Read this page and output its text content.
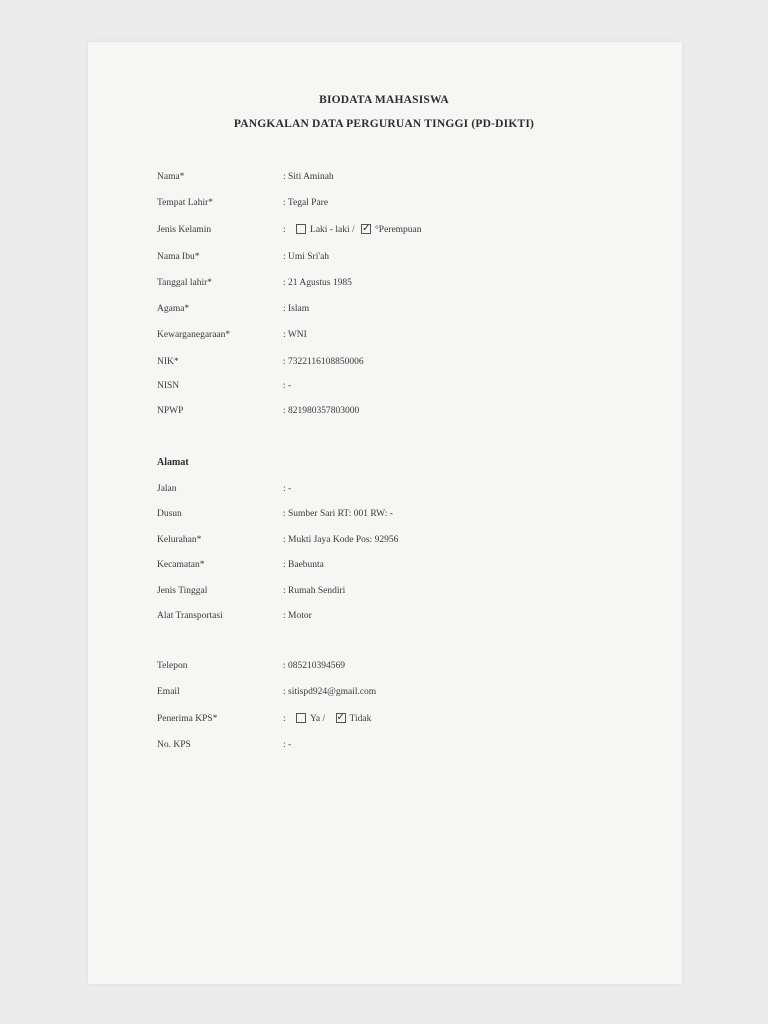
BIODATA MAHASISWA
PANGKALAN DATA PERGURUAN TINGGI (PD-DIKTI)
Nama*	: Siti Aminah
Tempat Lahir*	: Tegal Pare
Jenis Kelamin	:	Laki - laki / ✓ °Perempuan
Nama Ibu*	: Umi Sri'ah
Tanggal lahir*	: 21 Agustus 1985
Agama*	: Islam
Kewarganegaraan*	: WNI
NIK*	: 7322116108850006
NISN	: -
NPWP	: 821980357803000
Alamat
Jalan	: -
Dusun	: Sumber Sari RT: 001 RW: -
Kelurahan*	: Mukti Jaya Kode Pos: 92956
Kecamatan*	: Baebunta
Jenis Tinggal	: Rumah Sendiri
Alat Transportasi	: Motor
Telepon	: 085210394569
Email	: sitispd924@gmail.com
Penerima KPS*	:	Ya / ✓	Tidak
No. KPS	: -
